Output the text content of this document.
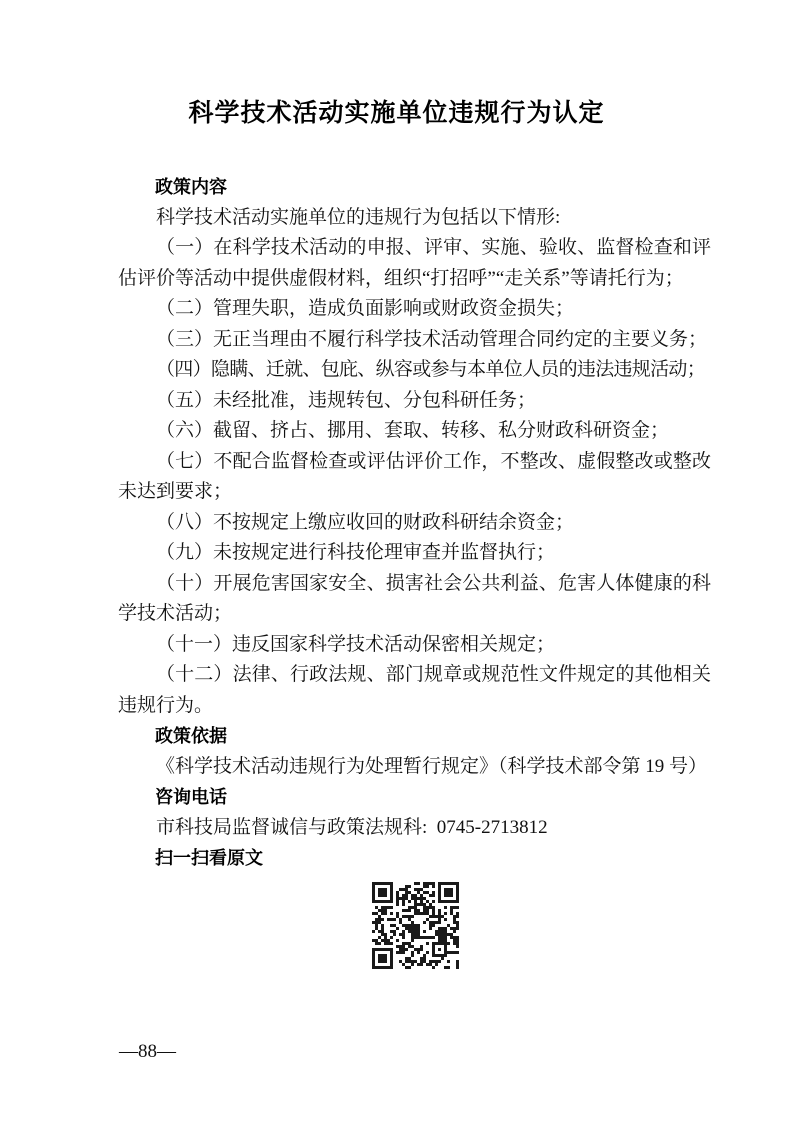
科学技术活动实施单位违规行为认定
政策内容

科学技术活动实施单位的违规行为包括以下情形:

（一）在科学技术活动的申报、评审、实施、验收、监督检查和评估评价等活动中提供虚假材料，组织“打招呼”“走关系”等请托行为；

（二）管理失职，造成负面影响或财政资金损失；

（三）无正当理由不履行科学技术活动管理合同约定的主要义务；

（四）隐瞒、迁就、包庇、纵容或参与本单位人员的违法违规活动；

（五）未经批准，违规转包、分包科研任务；

（六）截留、挤占、挪用、套取、转移、私分财政科研资金；

（七）不配合监督检查或评估评价工作，不整改、虚假整改或整改未达到要求；

（八）不按规定上缴应收回的财政科研结余资金；

（九）未按规定进行科技伦理审查并监督执行；

（十）开展危害国家安全、损害社会公共利益、危害人体健康的科学技术活动；

（十一）违反国家科学技术活动保密相关规定；

（十二）法律、行政法规、部门规章或规范性文件规定的其他相关违规行为。

政策依据

《科学技术活动违规行为处理暂行规定》（科学技术部令第 19 号）

咨询电话

市科技局监督诚信与政策法规科:  0745-2713812

扫一扫看原文
—88—
